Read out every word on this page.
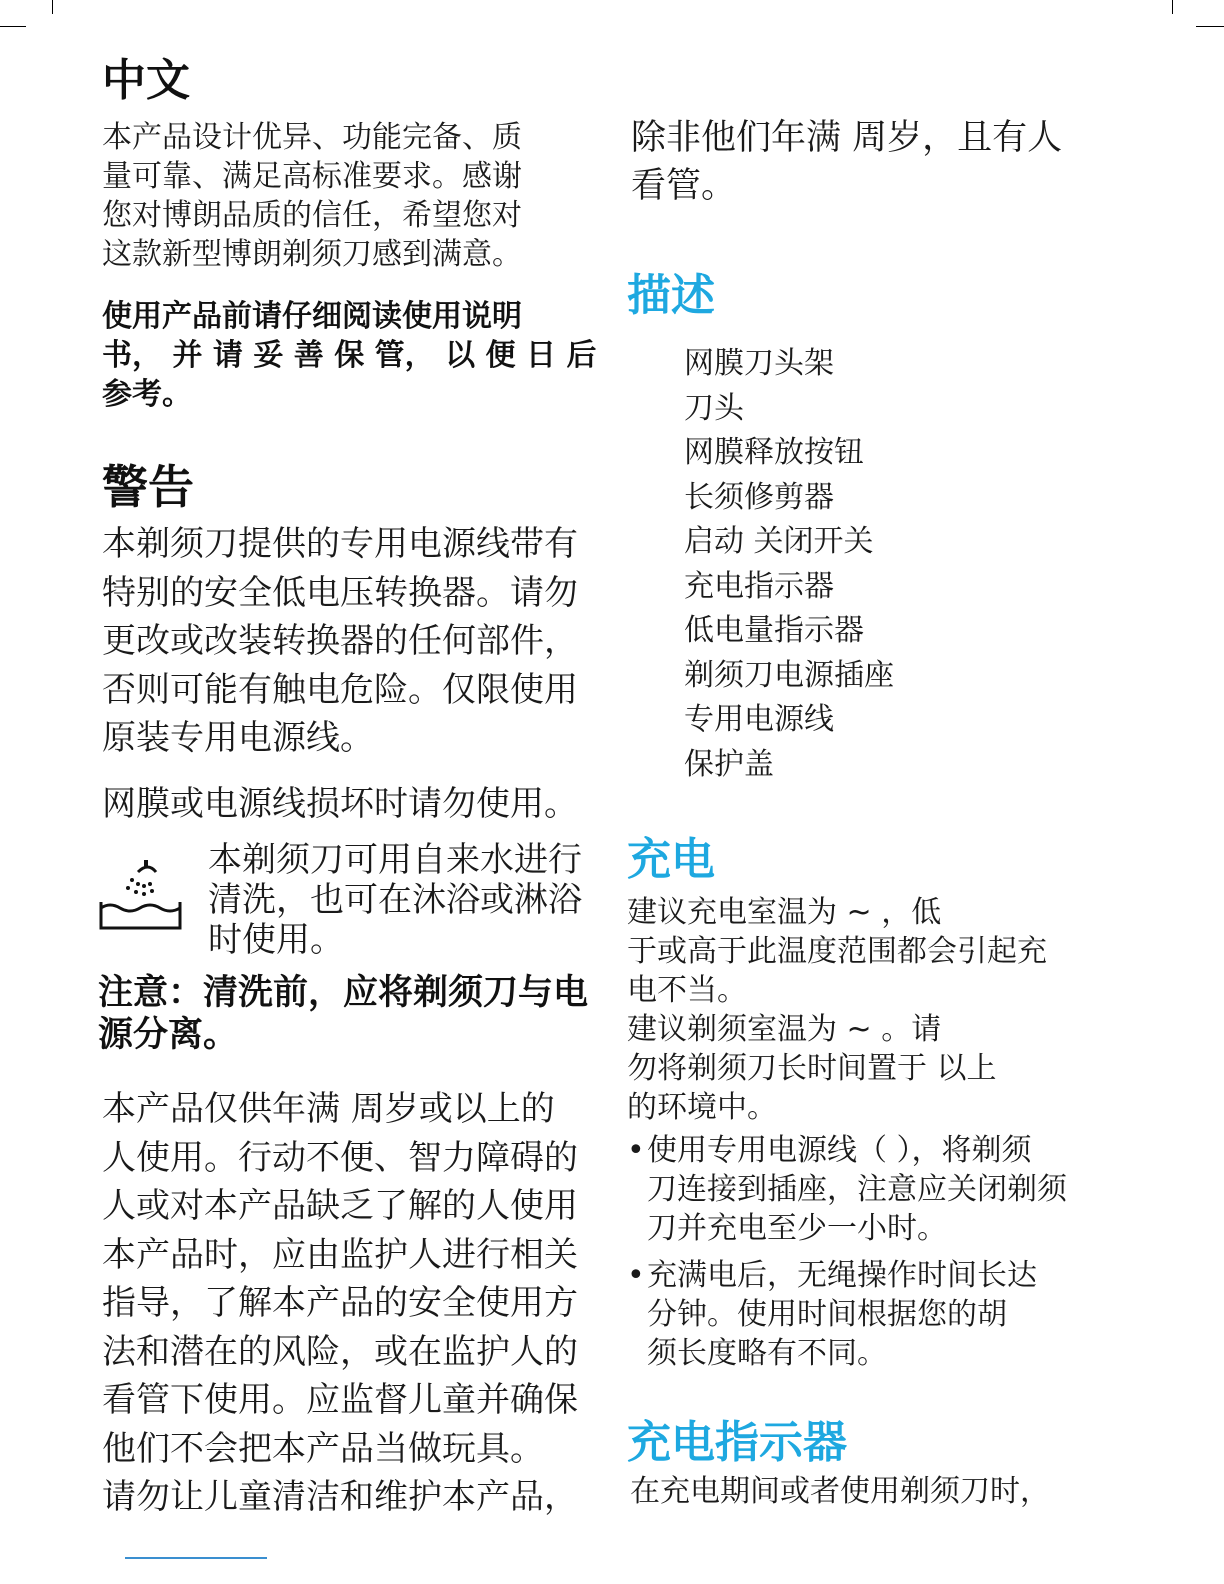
中文
本产品设计优异、功能完备、质
量可靠、满足高标准要求。感谢
您对博朗品质的信任，希望您对
这款新型博朗剃须刀感到满意。
使用产品前请仔细阅读使用说明
书， 并 请 妥 善 保 管， 以 便 日 后
参考。
警告
本剃须刀提供的专用电源线带有
特别的安全低电压转换器。请勿
更改或改装转换器的任何部件，
否则可能有触电危险。仅限使用
原装专用电源线。

网膜或电源线损坏时请勿使用。

本剃须刀可用自来水进行
清洗，也可在沐浴或淋浴
时使用。
注意：清洗前，应将剃须刀与电
源分离。
本产品仅供年满 周岁或以上的
人使用。行动不便、智力障碍的
人或对本产品缺乏了解的人使用
本产品时，应由监护人进行相关
指导，了解本产品的安全使用方
法和潜在的风险，或在监护人的
看管下使用。应监督儿童并确保
他们不会把本产品当做玩具。
请勿让儿童清洁和维护本产品，
除非他们年满 周岁，且有人
看管。
描述
网膜刀头架
刀头
网膜释放按钮
长须修剪器
启动 关闭开关
充电指示器
低电量指示器
剃须刀电源插座
专用电源线
保护盖
充电
建议充电室温为 ~ ，低
于或高于此温度范围都会引起充
电不当。
建议剃须室温为 ~ 。请
勿将剃须刀长时间置于 以上
的环境中。
• 使用专用电源线（ ），将剃须
刀连接到插座，注意应关闭剃须
刀并充电至少一小时。
• 充满电后，无绳操作时间长达
分钟。使用时间根据您的胡
须长度略有不同。
充电指示器

在充电期间或者使用剃须刀时，
